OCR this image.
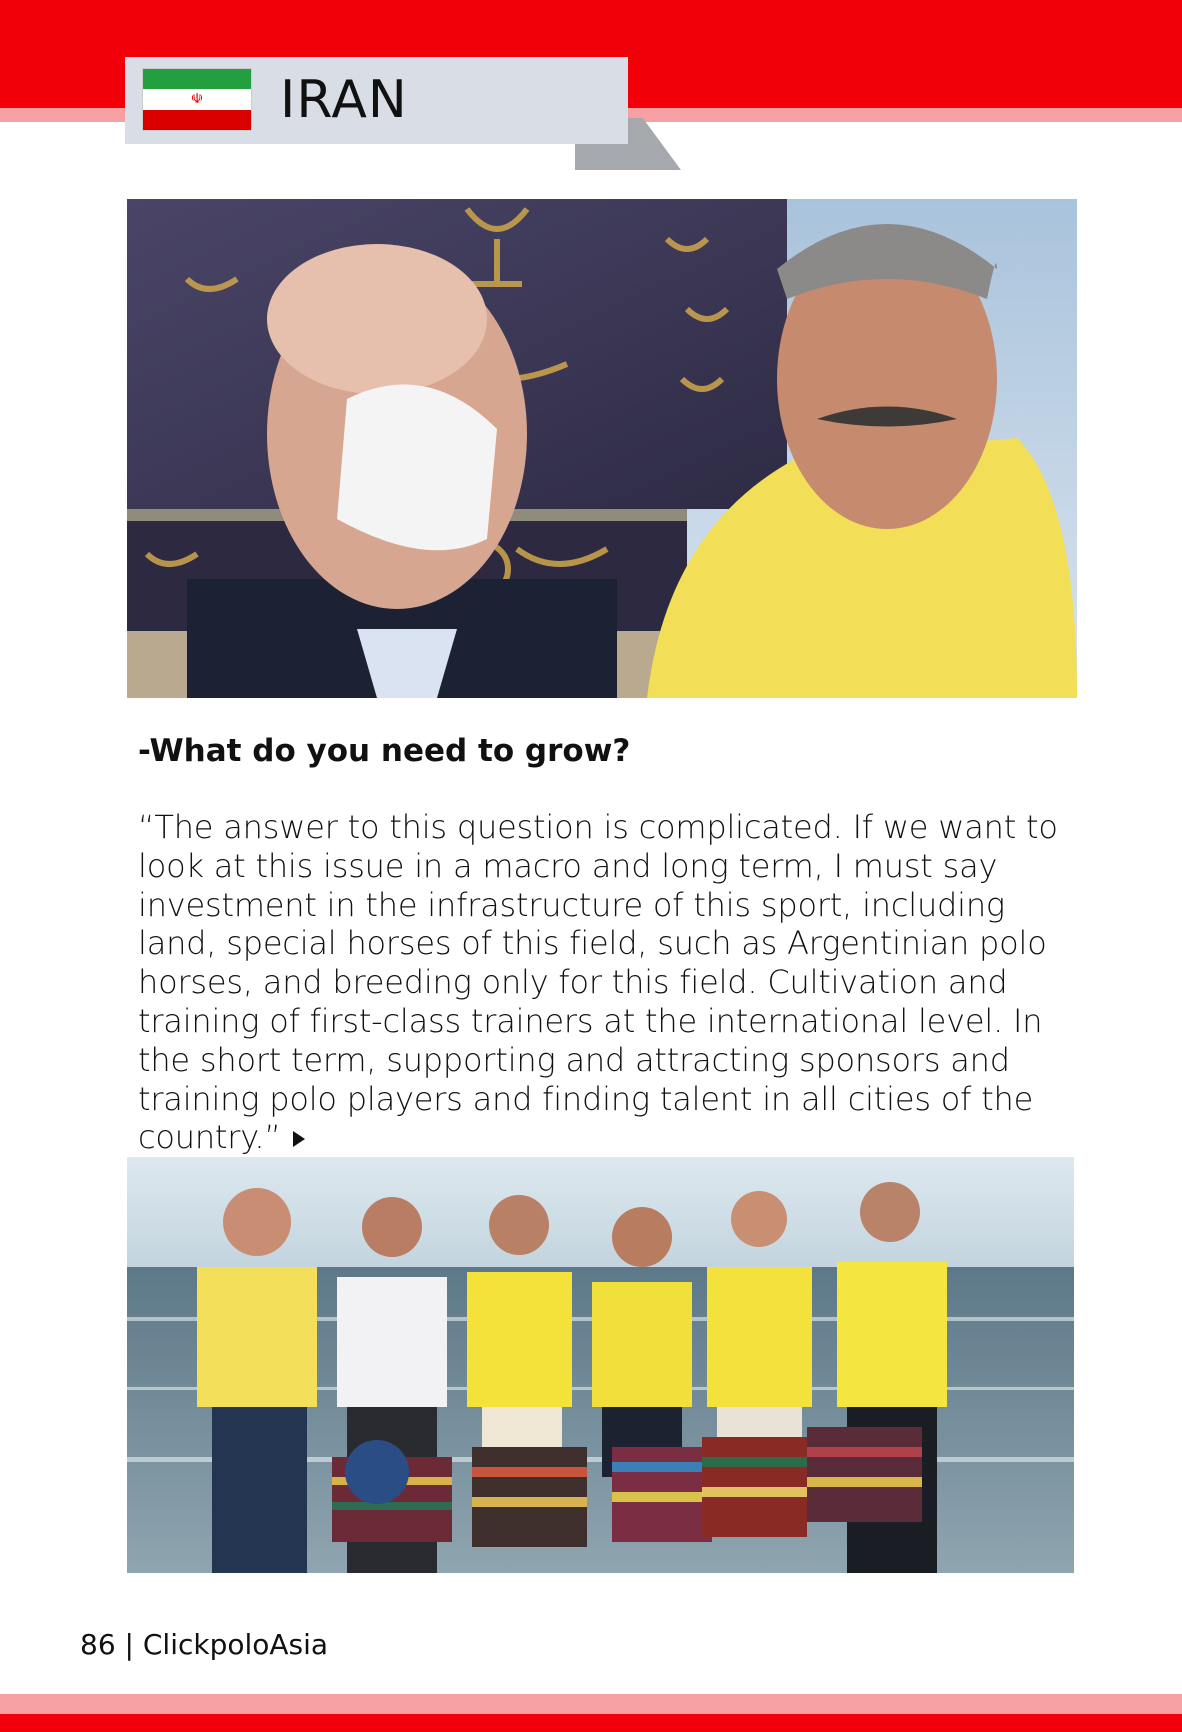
☫ IRAN
-What do you need to grow?

“The answer to this question is complicated. If we want to look at this issue in a macro and long term, I must say investment in the infrastructure of this sport, including land, special horses of this field, such as Argentinian polo horses, and breeding only for this field. Cultivation and training of first-class trainers at the international level. In the short term, supporting and attracting sponsors and training polo players and finding talent in all cities of the country.”

86 | ClickpoloAsia
